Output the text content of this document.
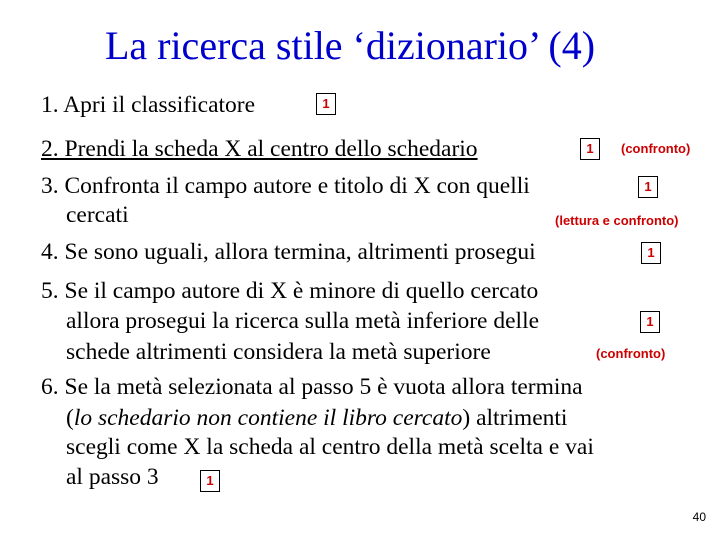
La ricerca stile ‘dizionario’ (4)
1. Apri il classificatore	1
2. Prendi la scheda X al centro dello schedario	1	(confronto)
3. Confronta il campo autore e titolo di X con quelli	1
cercati	(lettura e confronto)
4. Se sono uguali, allora termina, altrimenti prosegui	1
5. Se il campo autore di X è minore di quello cercato
allora prosegui la ricerca sulla metà inferiore delle	1
schede altrimenti considera la metà superiore	(confronto)
6. Se la metà selezionata al passo 5 è vuota allora termina
(lo schedario non contiene il libro cercato) altrimenti
scegli come X la scheda al centro della metà scelta e vai
al passo 3	1
40
